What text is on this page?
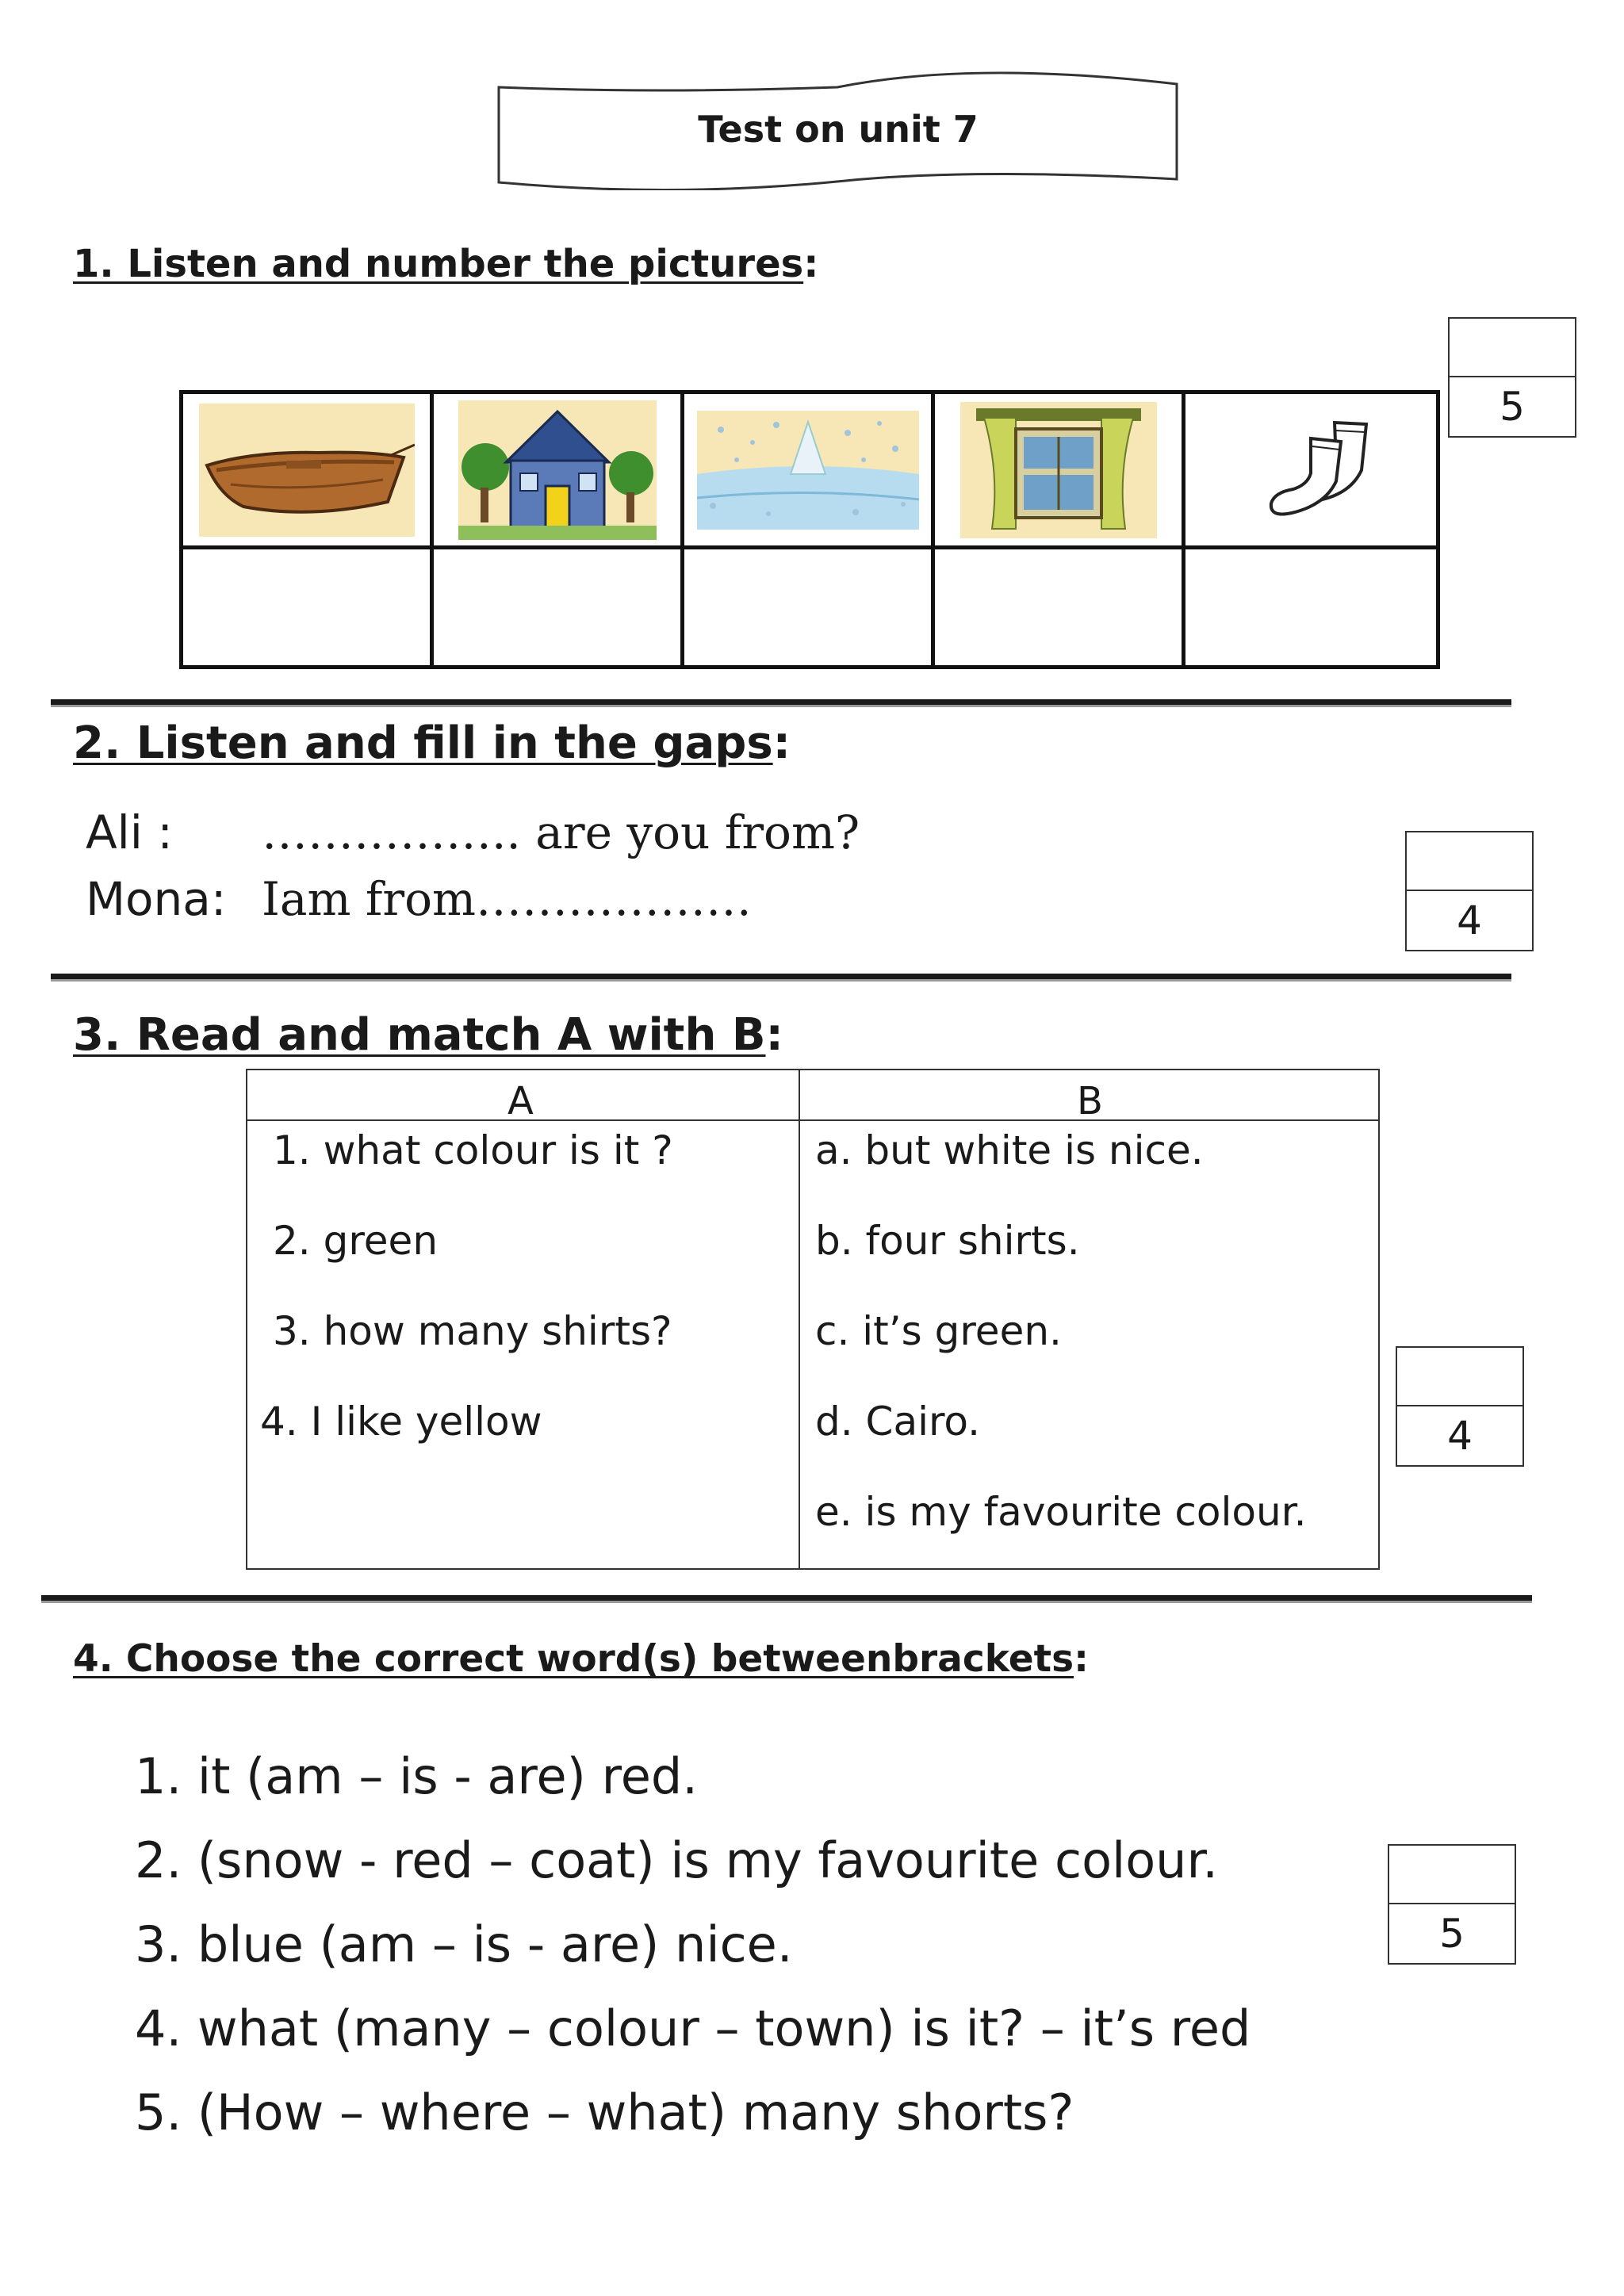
Test on unit 7
1. Listen and number the pictures:
5
2. Listen and fill in the gaps:
Ali : …………….. are you from?
Mona: Iam from………………	4
3. Read and match A with B:
A	B
1. what colour is it ?
2. green
3. how many shirts?
4. I like yellow
a. but white is nice.
b. four shirts.
c. it’s green.
d. Cairo.
e. is my favourite colour.
4
4. Choose the correct word(s) betweenbrackets:
1. it (am – is - are) red.
2. (snow - red – coat) is my favourite colour.
3. blue (am – is - are) nice.
4. what (many – colour – town) is it? – it’s red
5. (How – where – what) many shorts?
5
